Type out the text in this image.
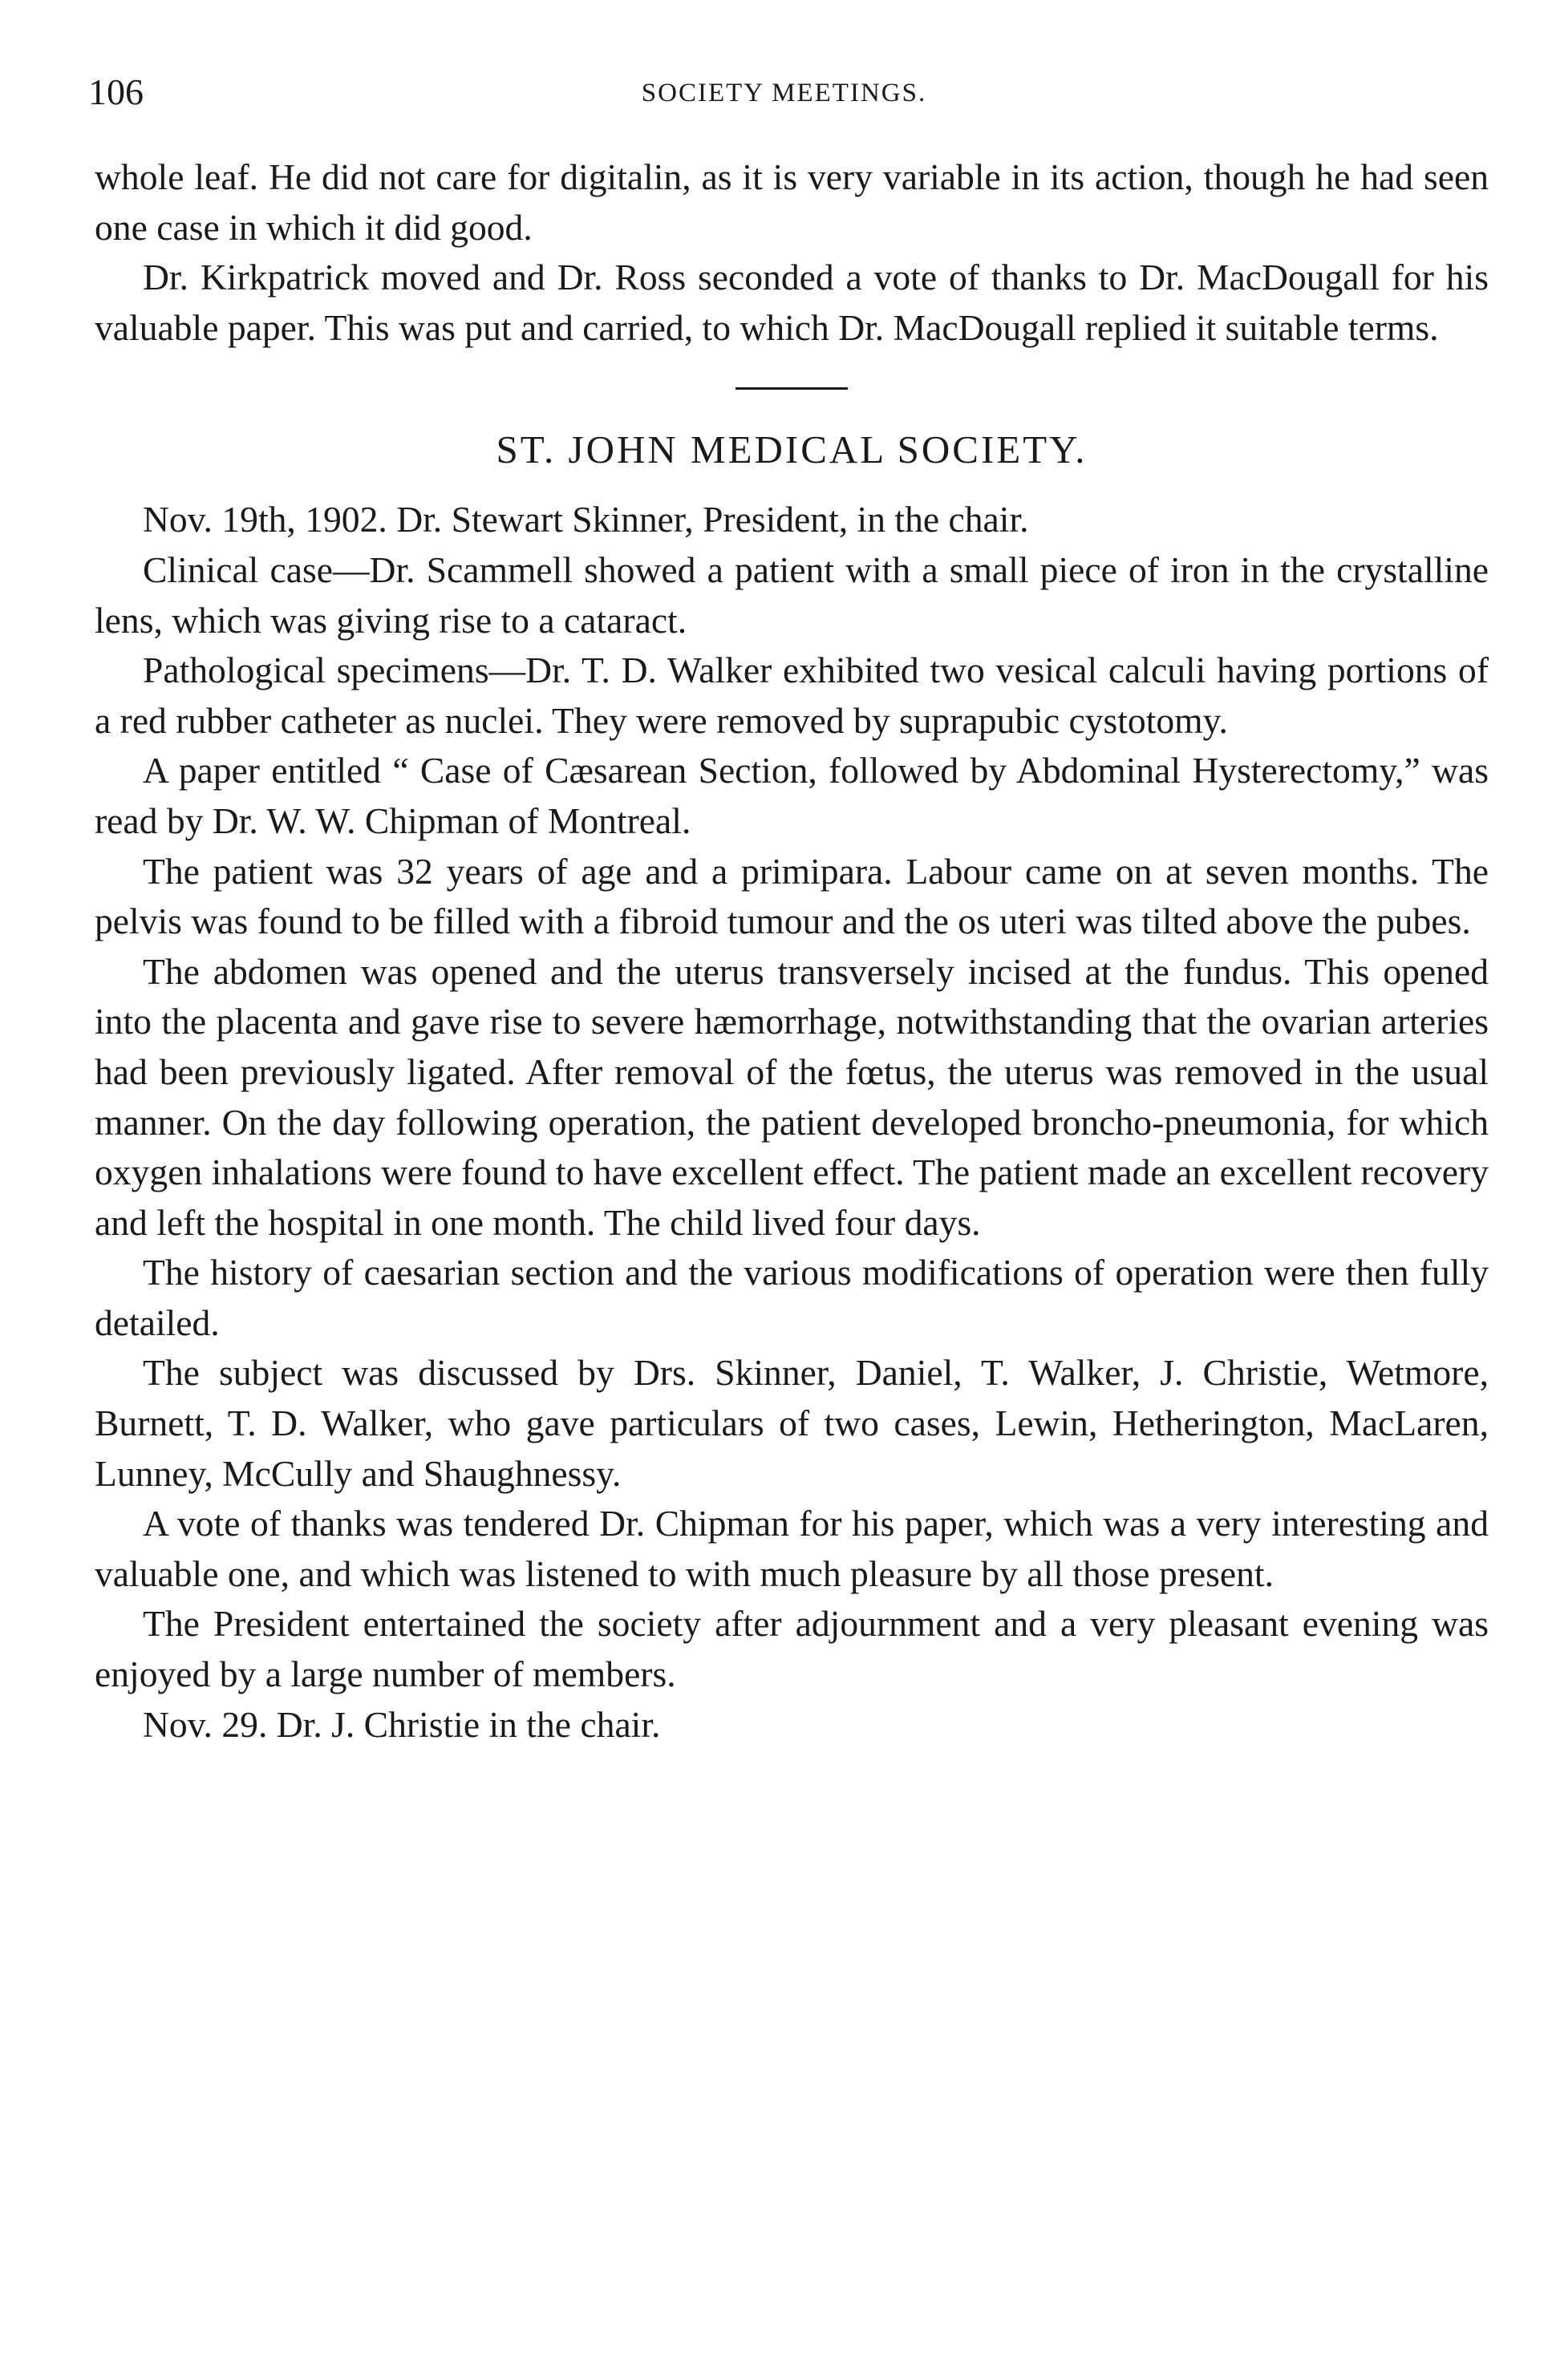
106	SOCIETY MEETINGS.

whole leaf. He did not care for digitalin, as it is very variable in its action, though he had seen one case in which it did good.

Dr. Kirkpatrick moved and Dr. Ross seconded a vote of thanks to Dr. MacDougall for his valuable paper. This was put and carried, to which Dr. MacDougall replied it suitable terms.

ST. JOHN MEDICAL SOCIETY.

Nov. 19th, 1902. Dr. Stewart Skinner, President, in the chair.

Clinical case—Dr. Scammell showed a patient with a small piece of iron in the crystalline lens, which was giving rise to a cataract.

Pathological specimens—Dr. T. D. Walker exhibited two vesical calculi having portions of a red rubber catheter as nuclei. They were removed by suprapubic cystotomy.

A paper entitled “ Case of Cæsarean Section, followed by Abdominal Hysterectomy,” was read by Dr. W. W. Chipman of Montreal.

The patient was 32 years of age and a primipara. Labour came on at seven months. The pelvis was found to be filled with a fibroid tumour and the os uteri was tilted above the pubes.

The abdomen was opened and the uterus transversely incised at the fundus. This opened into the placenta and gave rise to severe hæmorrhage, notwithstanding that the ovarian arteries had been previously ligated. After removal of the fœtus, the uterus was removed in the usual manner. On the day following operation, the patient developed broncho-pneumonia, for which oxygen inhalations were found to have excellent effect. The patient made an excellent recovery and left the hospital in one month. The child lived four days.

The history of caesarian section and the various modifications of operation were then fully detailed.

The subject was discussed by Drs. Skinner, Daniel, T. Walker, J. Christie, Wetmore, Burnett, T. D. Walker, who gave particulars of two cases, Lewin, Hetherington, MacLaren, Lunney, McCully and Shaughnessy.

A vote of thanks was tendered Dr. Chipman for his paper, which was a very interesting and valuable one, and which was listened to with much pleasure by all those present.

The President entertained the society after adjournment and a very pleasant evening was enjoyed by a large number of members.

Nov. 29. Dr. J. Christie in the chair.
